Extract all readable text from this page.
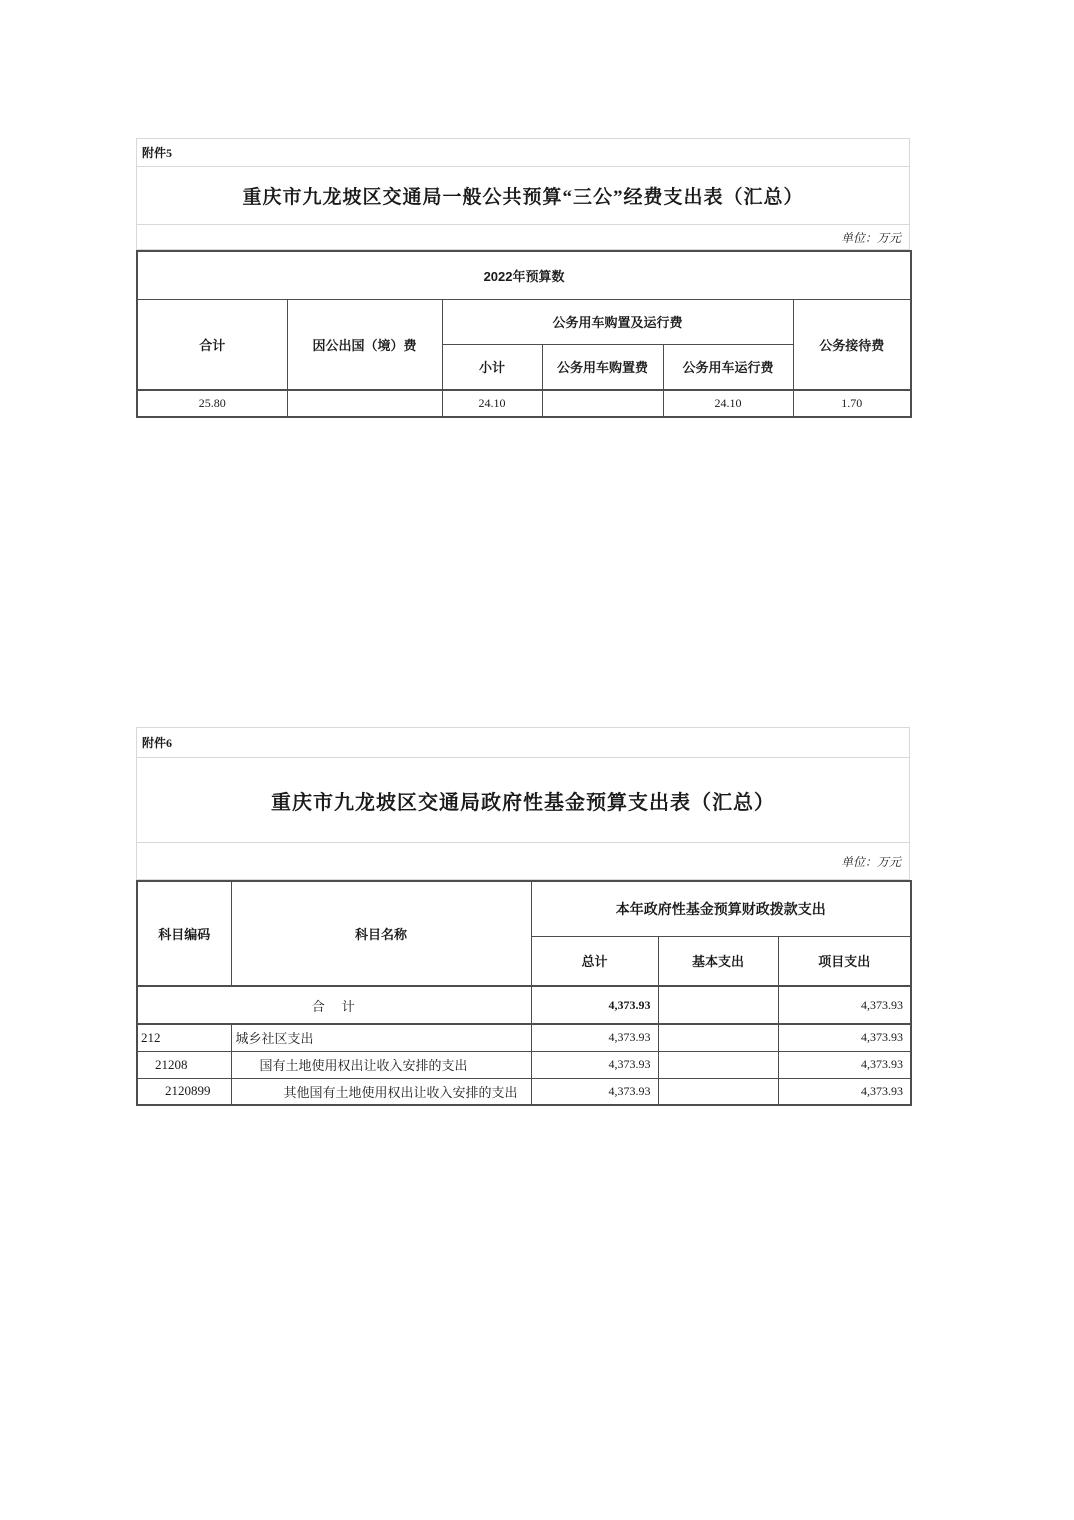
附件5
重庆市九龙坡区交通局一般公共预算“三公”经费支出表（汇总）
单位：万元
2022年预算数					
合计	因公出国（境）费	公务用车购置及运行费			公务接待费
		小计	公务用车购置费	公务用车运行费	
25.80		24.10		24.10	1.70
附件6
重庆市九龙坡区交通局政府性基金预算支出表（汇总）
单位：万元
科目编码	科目名称	本年政府性基金预算财政拨款支出		
		总计	基本支出	项目支出
合　计		4,373.93		4,373.93
212	城乡社区支出	4,373.93		4,373.93
21208	国有土地使用权出让收入安排的支出	4,373.93		4,373.93
2120899	其他国有土地使用权出让收入安排的支出	4,373.93		4,373.93
